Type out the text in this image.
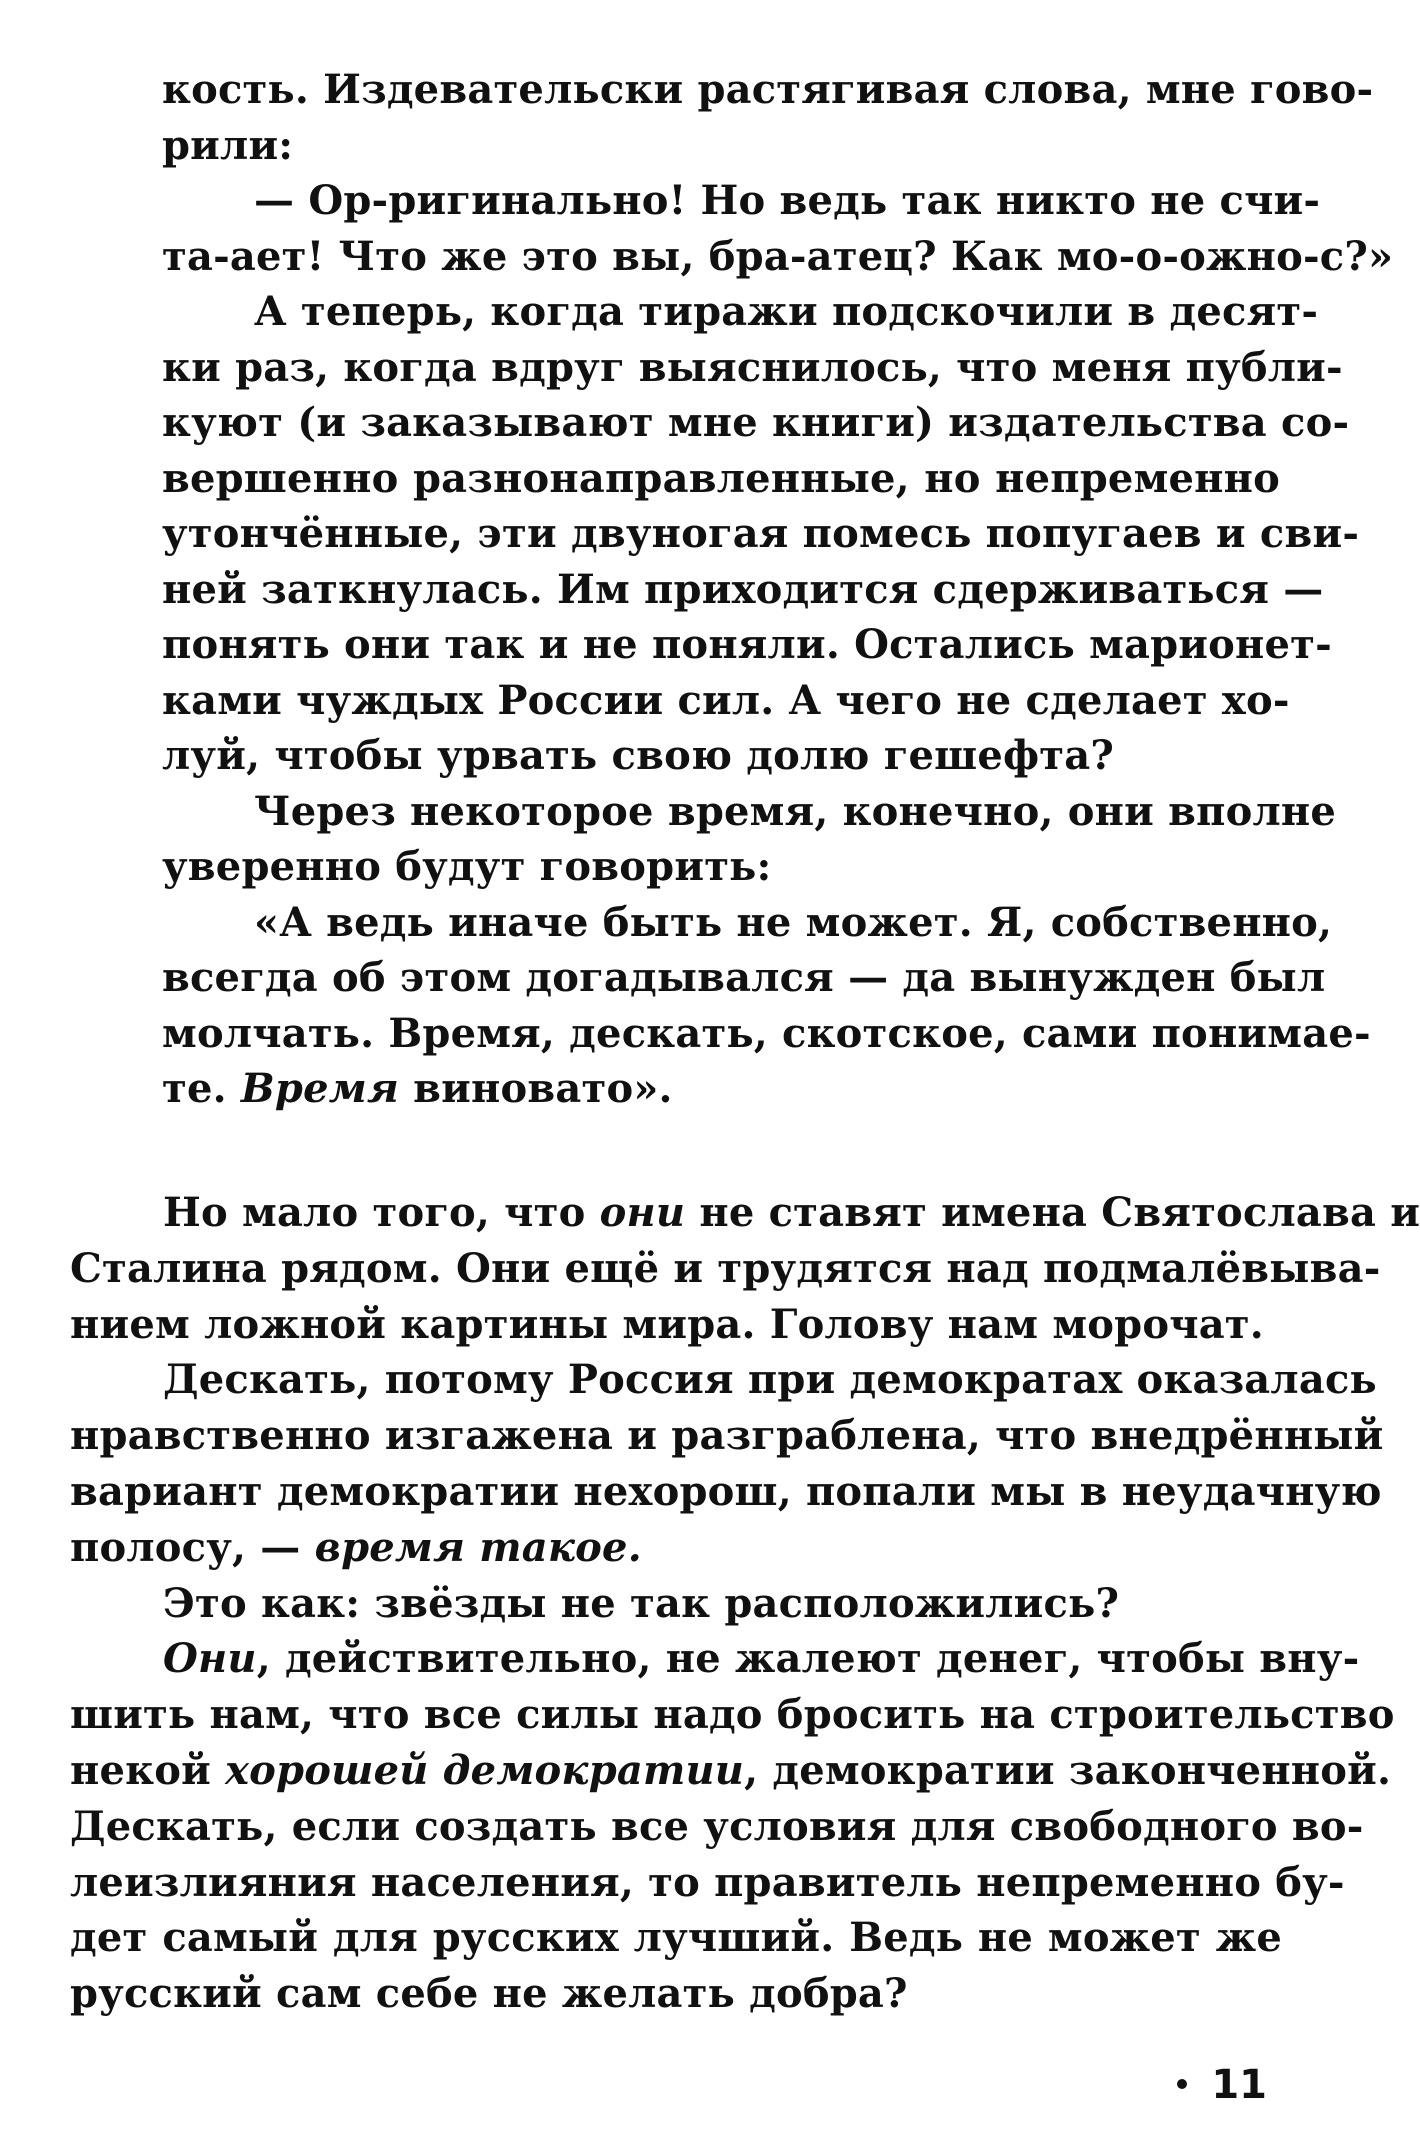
кость. Издевательски растягивая слова, мне гово-
рили:
— Ор-ригинально! Но ведь так никто не счи-
та-ает! Что же это вы, бра-атец? Как мо-о-ожно-с?»
А теперь, когда тиражи подскочили в десят-
ки раз, когда вдруг выяснилось, что меня публи-
куют (и заказывают мне книги) издательства со-
вершенно разнонаправленные, но непременно
утончённые, эти двуногая помесь попугаев и сви-
ней заткнулась. Им приходится сдерживаться —
понять они так и не поняли. Остались марионет-
ками чуждых России сил. А чего не сделает хо-
луй, чтобы урвать свою долю гешефта?
Через некоторое время, конечно, они вполне
уверенно будут говорить:
«А ведь иначе быть не может. Я, собственно,
всегда об этом догадывался — да вынужден был
молчать. Время, дескать, скотское, сами понимае-
те. Время виновато».
Но мало того, что они не ставят имена Святослава и
Сталина рядом. Они ещё и трудятся над подмалёвыва-
нием ложной картины мира. Голову нам морочат.
Дескать, потому Россия при демократах оказалась
нравственно изгажена и разграблена, что внедрённый
вариант демократии нехорош, попали мы в неудачную
полосу, — время такое.
Это как: звёзды не так расположились?
Они, действительно, не жалеют денег, чтобы вну-
шить нам, что все силы надо бросить на строительство
некой хорошей демократии, демократии законченной.
Дескать, если создать все условия для свободного во-
леизлияния населения, то правитель непременно бу-
дет самый для русских лучший. Ведь не может же
русский сам себе не желать добра?
11
